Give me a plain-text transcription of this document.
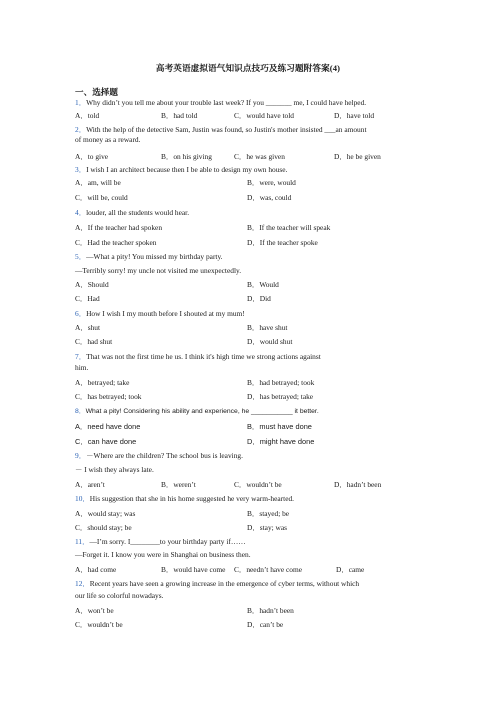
高考英语虚拟语气知识点技巧及练习题附答案(4)
一、选择题
1．Why didn’t you tell me about your trouble last week? If you _______ me, I could have helped.
A．told	B．had told	C．would have told	D．have told
2．With the help of the detective Sam, Justin was found, so Justin's mother insisted ___an amount
of money as a reward.
A．to give	B．on his giving	C．he was given	D．he be given
3．I wish I an architect because then I be able to design my own house.
A．am, will be	B．were, would
C．will be, could	D．was, could
4．louder, all the students would hear.
A．If the teacher had spoken	B．If the teacher will speak
C．Had the teacher spoken	D．If the teacher spoke
5．—What a pity! You missed my birthday party.
—Terribly sorry! my uncle not visited me unexpectedly.
A．Should	B．Would
C．Had	D．Did
6．How I wish I my mouth before I shouted at my mum!
A．shut	B．have shut
C．had shut	D．would shut
7．That was not the first time he us. I think it's high time we strong actions against
him.
A．betrayed; take	B．had betrayed; took
C．has betrayed; took	D．has betrayed; take
8．What a pity! Considering his ability and experience, he ___________ it better.
A．need have done	B．must have done
C．can have done	D．might have done
9．－Where are the children? The school bus is leaving.
－ I wish they always late.
A．aren’t	B．weren’t	C．wouldn’t be	D．hadn’t been
10．His suggestion that she in his home suggested he very warm-hearted.
A．would stay; was	B．stayed; be
C．should stay; be	D．stay; was
11．—I’m sorry. I________to your birthday party if……
—Forget it. I know you were in Shanghai on business then.
A．had come	B．would have come C．needn’t have come	D．came
12．Recent years have seen a growing increase in the emergence of cyber terms, without which
our life so colorful nowadays.
A．won’t be	B．hadn’t been
C．wouldn’t be	D．can’t be
